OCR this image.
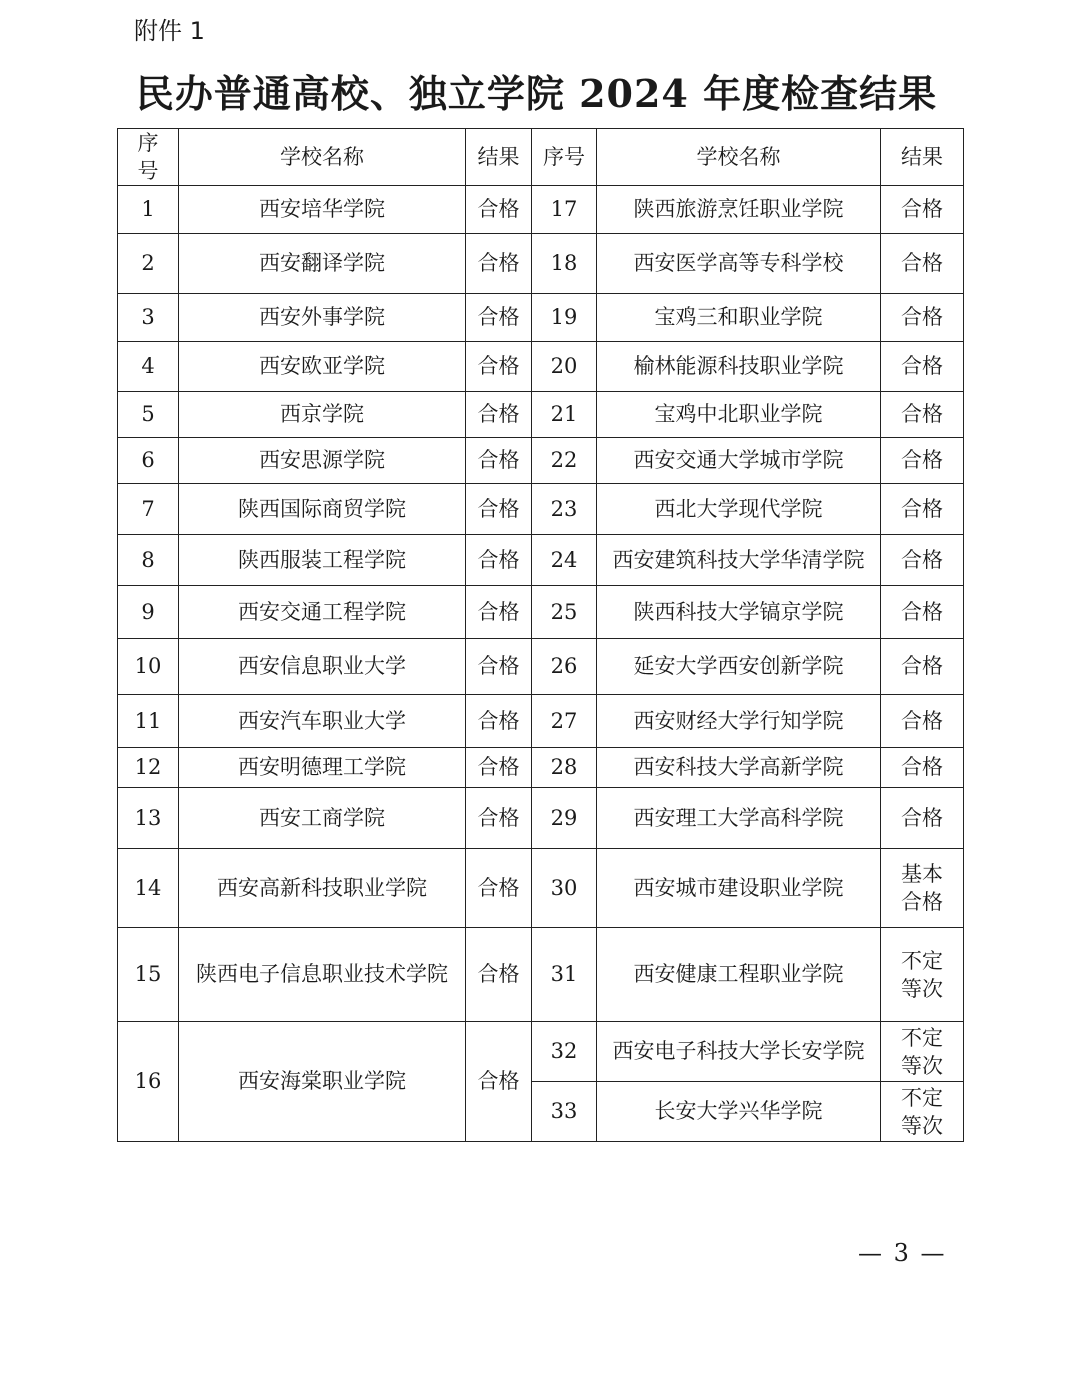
附件 1
民办普通高校、独立学院 2024 年度检查结果
序
号	学校名称	结果	序号	学校名称	结果
1	西安培华学院	合格	17	陕西旅游烹饪职业学院	合格
2	西安翻译学院	合格	18	西安医学高等专科学校	合格
3	西安外事学院	合格	19	宝鸡三和职业学院	合格
4	西安欧亚学院	合格	20	榆林能源科技职业学院	合格
5	西京学院	合格	21	宝鸡中北职业学院	合格
6	西安思源学院	合格	22	西安交通大学城市学院	合格
7	陕西国际商贸学院	合格	23	西北大学现代学院	合格
8	陕西服装工程学院	合格	24	西安建筑科技大学华清学院	合格
9	西安交通工程学院	合格	25	陕西科技大学镐京学院	合格
10	西安信息职业大学	合格	26	延安大学西安创新学院	合格
11	西安汽车职业大学	合格	27	西安财经大学行知学院	合格
12	西安明德理工学院	合格	28	西安科技大学高新学院	合格
13	西安工商学院	合格	29	西安理工大学高科学院	合格
14	西安高新科技职业学院	合格	30	西安城市建设职业学院	基本
合格

15	陕西电子信息职业技术学院	合格	31	西安健康工程职业学院	不定
等次

16	西安海棠职业学院	合格	32	西安电子科技大学长安学院	不定
等次

			33	长安大学兴华学院	不定
等次
— 3 —
